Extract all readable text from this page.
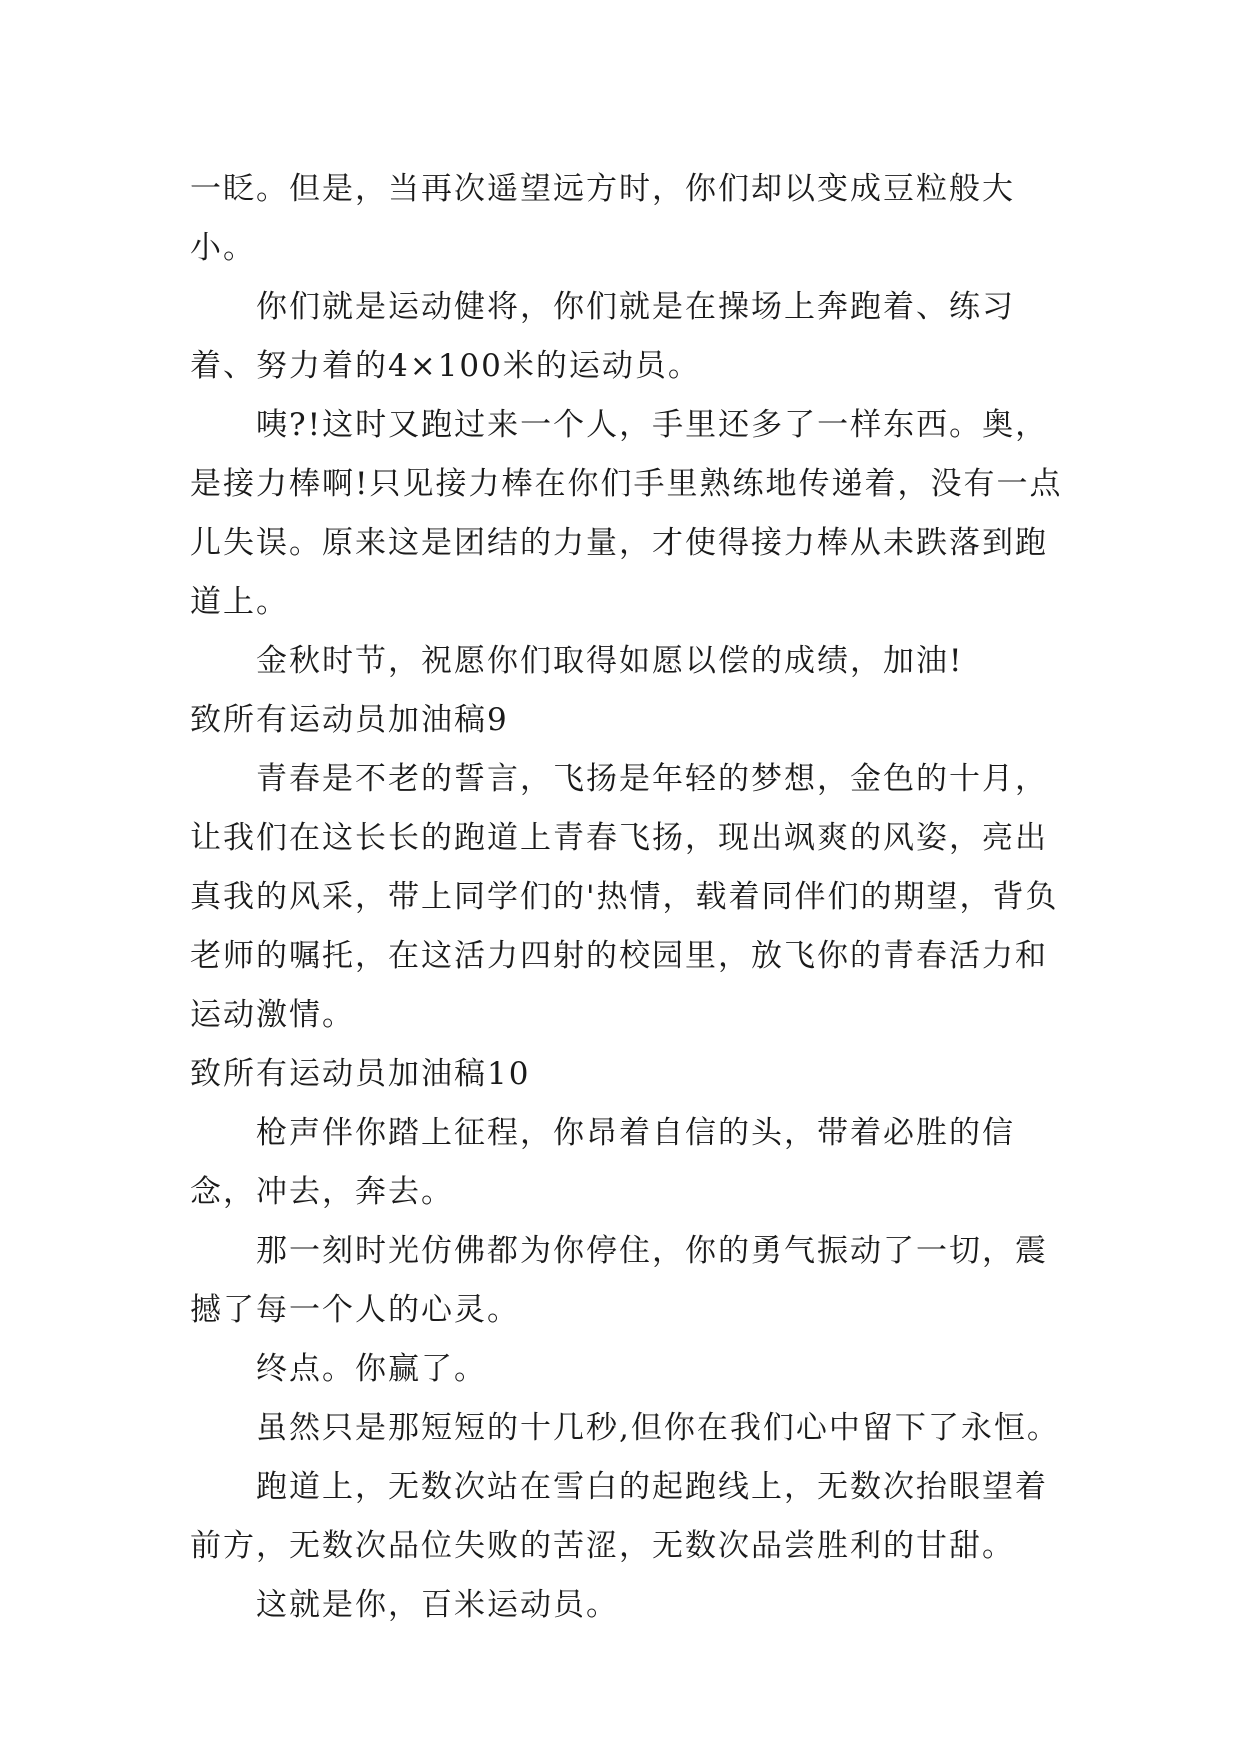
一眨。但是，当再次遥望远方时，你们却以变成豆粒般大小。

你们就是运动健将，你们就是在操场上奔跑着、练习着、努力着的4×100米的运动员。

咦?!这时又跑过来一个人，手里还多了一样东西。奥，是接力棒啊!只见接力棒在你们手里熟练地传递着，没有一点儿失误。原来这是团结的力量，才使得接力棒从未跌落到跑道上。

金秋时节，祝愿你们取得如愿以偿的成绩，加油!

致所有运动员加油稿9

青春是不老的誓言，飞扬是年轻的梦想，金色的十月，让我们在这长长的跑道上青春飞扬，现出飒爽的风姿，亮出真我的风采，带上同学们的'热情，载着同伴们的期望，背负老师的嘱托，在这活力四射的校园里，放飞你的青春活力和运动激情。

致所有运动员加油稿10

枪声伴你踏上征程，你昂着自信的头，带着必胜的信念，冲去，奔去。

那一刻时光仿佛都为你停住，你的勇气振动了一切，震撼了每一个人的心灵。

终点。你赢了。

虽然只是那短短的十几秒,但你在我们心中留下了永恒。

跑道上，无数次站在雪白的起跑线上，无数次抬眼望着前方，无数次品位失败的苦涩，无数次品尝胜利的甘甜。

这就是你，百米运动员。
